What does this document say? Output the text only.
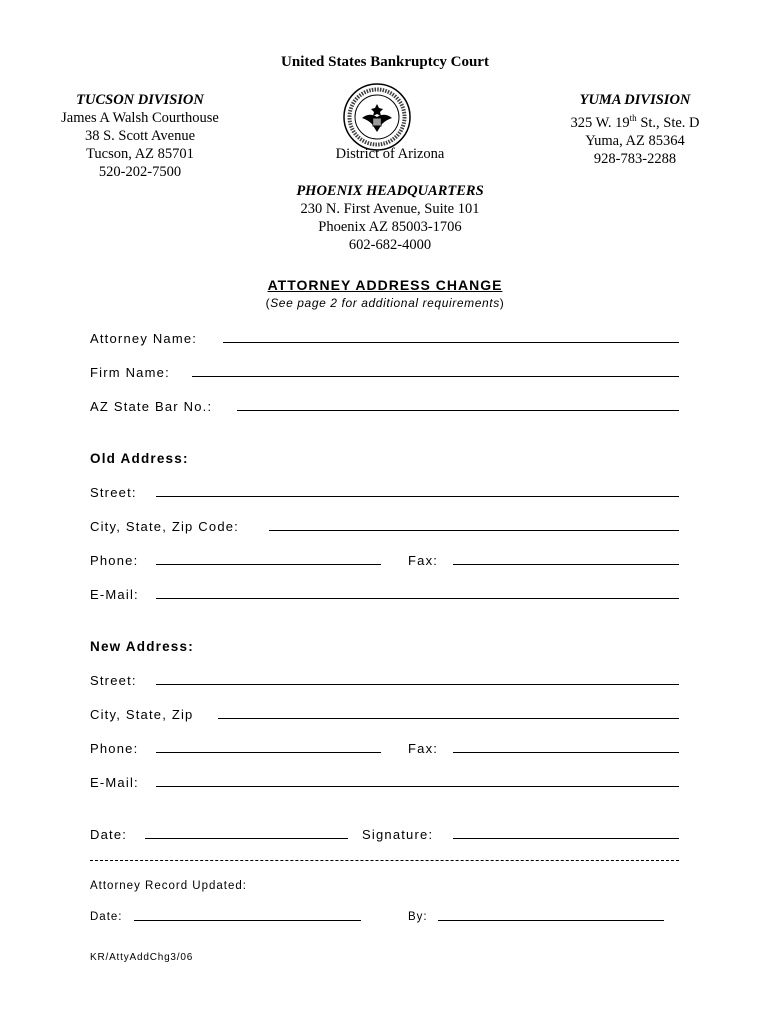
United States Bankruptcy Court
TUCSON DIVISION
James A Walsh Courthouse
38 S. Scott Avenue
Tucson, AZ 85701
520-202-7500
YUMA DIVISION
325 W. 19th St., Ste. D
Yuma, AZ 85364
928-783-2288
District of Arizona
PHOENIX HEADQUARTERS
230 N. First Avenue, Suite 101
Phoenix AZ 85003-1706
602-682-4000
ATTORNEY ADDRESS CHANGE
(See page 2 for additional requirements)
Attorney Name:
Firm Name:
AZ State Bar No.:
Old Address:
Street:
City, State, Zip Code:
Phone:	Fax:
E-Mail:
New Address:
Street:
City, State, Zip
Phone:	Fax:
E-Mail:
Date:	Signature:
Attorney Record Updated:
Date:	By:
KR/AttyAddChg3/06
